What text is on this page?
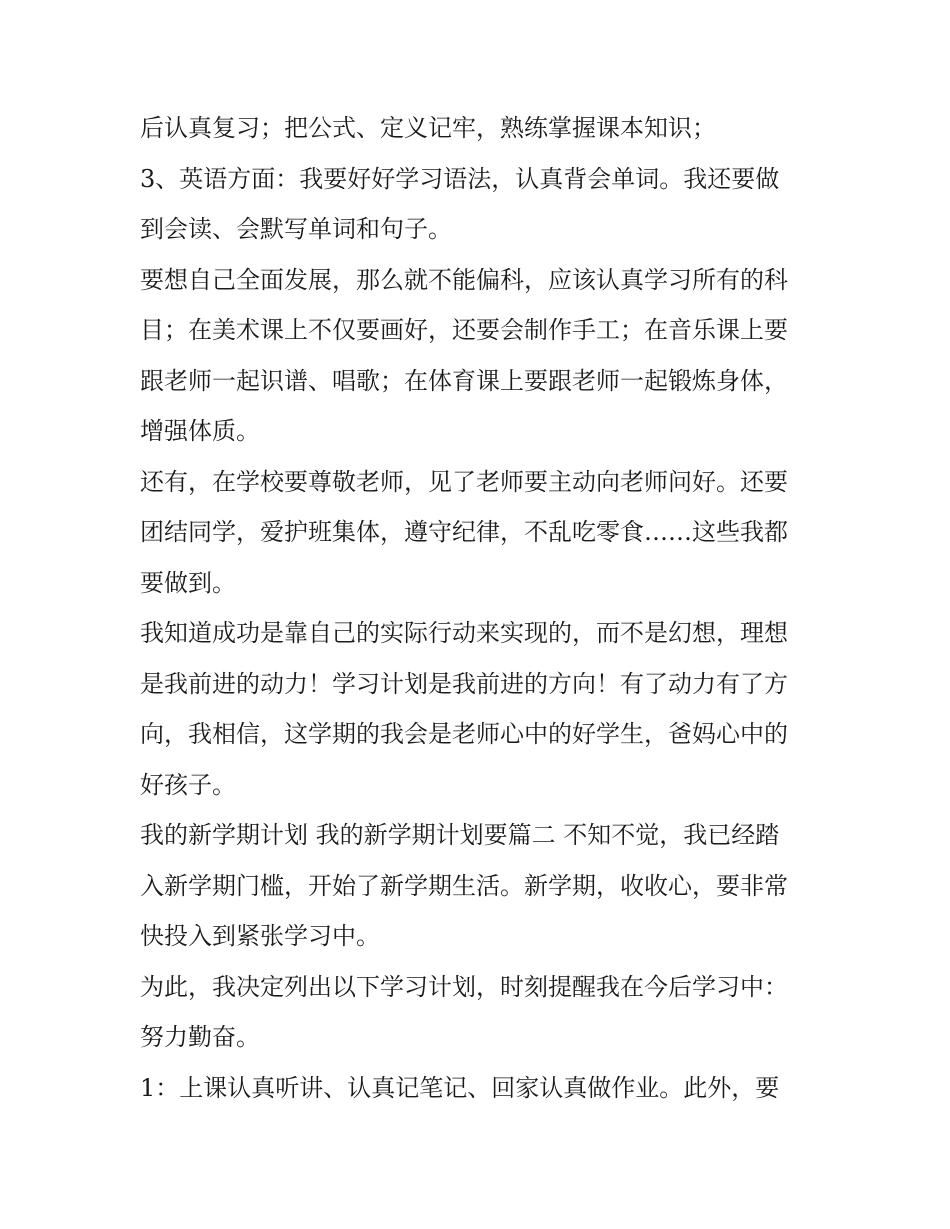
后认真复习；把公式、定义记牢，熟练掌握课本知识；

3、英语方面：我要好好学习语法，认真背会单词。我还要做
到会读、会默写单词和句子。

要想自己全面发展，那么就不能偏科，应该认真学习所有的科
目；在美术课上不仅要画好，还要会制作手工；在音乐课上要
跟老师一起识谱、唱歌；在体育课上要跟老师一起锻炼身体，
增强体质。

还有，在学校要尊敬老师，见了老师要主动向老师问好。还要
团结同学，爱护班集体，遵守纪律，不乱吃零食……这些我都
要做到。

我知道成功是靠自己的实际行动来实现的，而不是幻想，理想
是我前进的动力！学习计划是我前进的方向！有了动力有了方
向，我相信，这学期的我会是老师心中的好学生，爸妈心中的
好孩子。

我的新学期计划 我的新学期计划要篇二 不知不觉，我已经踏
入新学期门槛，开始了新学期生活。新学期，收收心，要非常
快投入到紧张学习中。

为此，我决定列出以下学习计划，时刻提醒我在今后学习中：
努力勤奋。

1：上课认真听讲、认真记笔记、回家认真做作业。此外，要
